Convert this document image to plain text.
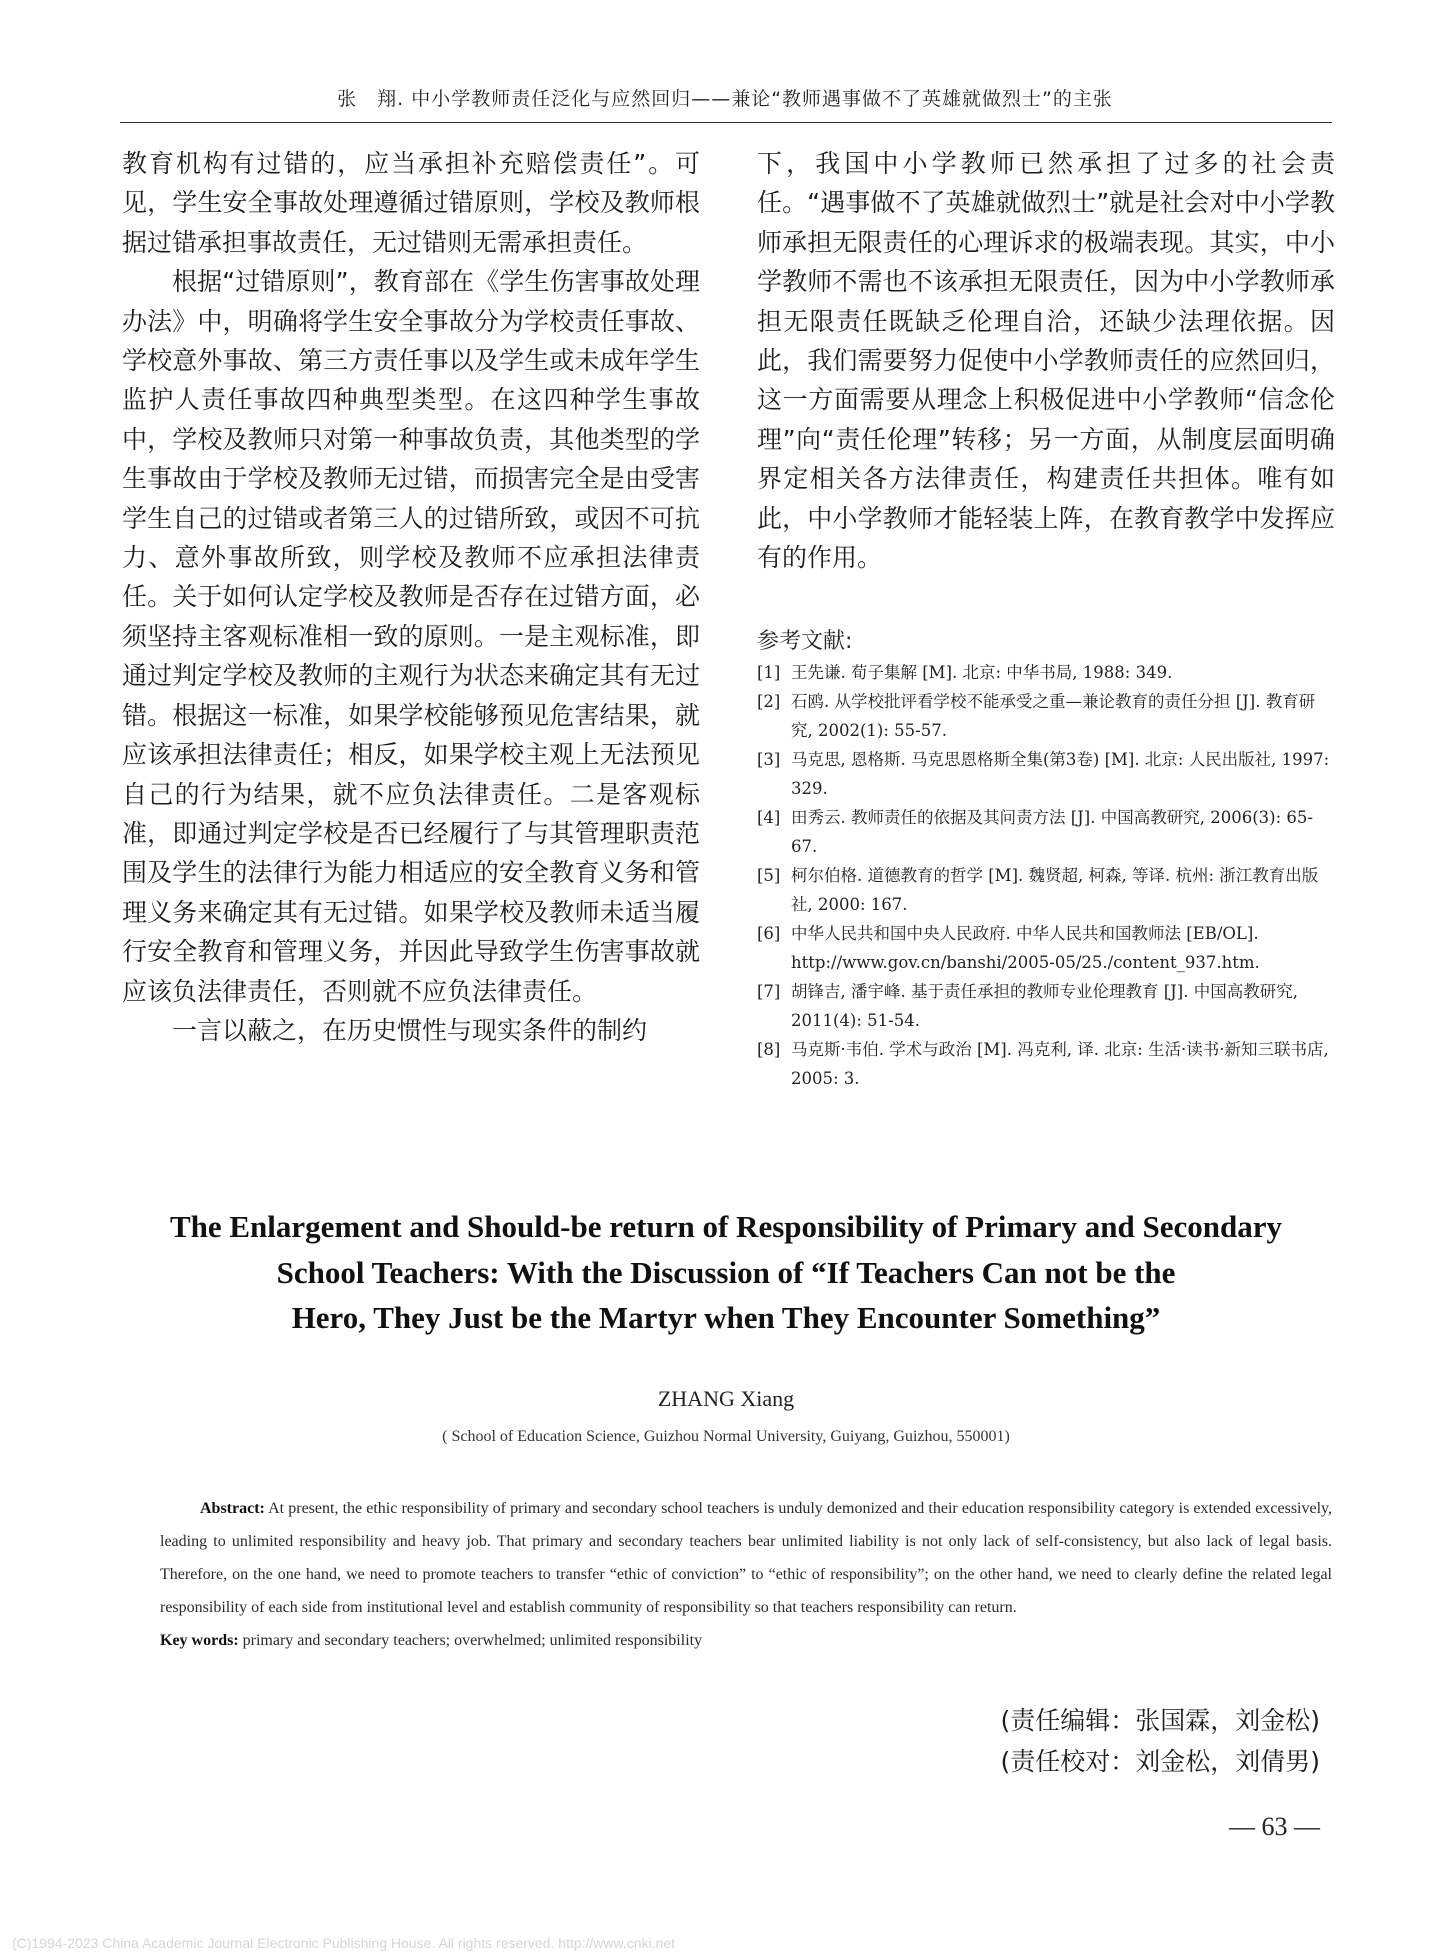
张　翔. 中小学教师责任泛化与应然回归——兼论“教师遇事做不了英雄就做烈士”的主张

教育机构有过错的，应当承担补充赔偿责任”。可见，学生安全事故处理遵循过错原则，学校及教师根据过错承担事故责任，无过错则无需承担责任。

根据“过错原则”，教育部在《学生伤害事故处理办法》中，明确将学生安全事故分为学校责任事故、学校意外事故、第三方责任事以及学生或未成年学生监护人责任事故四种典型类型。在这四种学生事故中，学校及教师只对第一种事故负责，其他类型的学生事故由于学校及教师无过错，而损害完全是由受害学生自己的过错或者第三人的过错所致，或因不可抗力、意外事故所致，则学校及教师不应承担法律责任。关于如何认定学校及教师是否存在过错方面，必须坚持主客观标准相一致的原则。一是主观标准，即通过判定学校及教师的主观行为状态来确定其有无过错。根据这一标准，如果学校能够预见危害结果，就应该承担法律责任；相反，如果学校主观上无法预见自己的行为结果，就不应负法律责任。二是客观标准，即通过判定学校是否已经履行了与其管理职责范围及学生的法律行为能力相适应的安全教育义务和管理义务来确定其有无过错。如果学校及教师未适当履行安全教育和管理义务，并因此导致学生伤害事故就应该负法律责任，否则就不应负法律责任。

一言以蔽之，在历史惯性与现实条件的制约

下，我国中小学教师已然承担了过多的社会责任。“遇事做不了英雄就做烈士”就是社会对中小学教师承担无限责任的心理诉求的极端表现。其实，中小学教师不需也不该承担无限责任，因为中小学教师承担无限责任既缺乏伦理自洽，还缺少法理依据。因此，我们需要努力促使中小学教师责任的应然回归，这一方面需要从理念上积极促进中小学教师“信念伦理”向“责任伦理”转移；另一方面，从制度层面明确界定相关各方法律责任，构建责任共担体。唯有如此，中小学教师才能轻装上阵，在教育教学中发挥应有的作用。

参考文献:
[1] 王先谦. 荀子集解 [M]. 北京: 中华书局, 1988: 349.
[2] 石鸥. 从学校批评看学校不能承受之重—兼论教育的责任分担 [J]. 教育研究, 2002(1): 55-57.
[3] 马克思, 恩格斯. 马克思恩格斯全集(第3卷) [M]. 北京: 人民出版社, 1997: 329.
[4] 田秀云. 教师责任的依据及其问责方法 [J]. 中国高教研究, 2006(3): 65-67.
[5] 柯尔伯格. 道德教育的哲学 [M]. 魏贤超, 柯森, 等译. 杭州: 浙江教育出版社, 2000: 167.
[6] 中华人民共和国中央人民政府. 中华人民共和国教师法 [EB/OL]. http://www.gov.cn/banshi/2005-05/25./content_937.htm.
[7] 胡锋吉, 潘宇峰. 基于责任承担的教师专业伦理教育 [J]. 中国高教研究, 2011(4): 51-54.
[8] 马克斯·韦伯. 学术与政治 [M]. 冯克利, 译. 北京: 生活·读书·新知三联书店, 2005: 3.
The Enlargement and Should-be return of Responsibility of Primary and Secondary
School Teachers: With the Discussion of “If Teachers Can not be the
Hero, They Just be the Martyr when They Encounter Something”
ZHANG Xiang
( School of Education Science, Guizhou Normal University, Guiyang, Guizhou, 550001)

Abstract: At present, the ethic responsibility of primary and secondary school teachers is unduly demonized and their education responsibility category is extended excessively, leading to unlimited responsibility and heavy job. That primary and secondary teachers bear unlimited liability is not only lack of self-consistency, but also lack of legal basis. Therefore, on the one hand, we need to promote teachers to transfer “ethic of conviction” to “ethic of responsibility”; on the other hand, we need to clearly define the related legal responsibility of each side from institutional level and establish community of responsibility so that teachers responsibility can return.

Key words: primary and secondary teachers; overwhelmed; unlimited responsibility

(责任编辑：张国霖，刘金松)
(责任校对：刘金松，刘倩男)
— 63 —
(C)1994-2023 China Academic Journal Electronic Publishing House. All rights reserved. http://www.cnki.net
